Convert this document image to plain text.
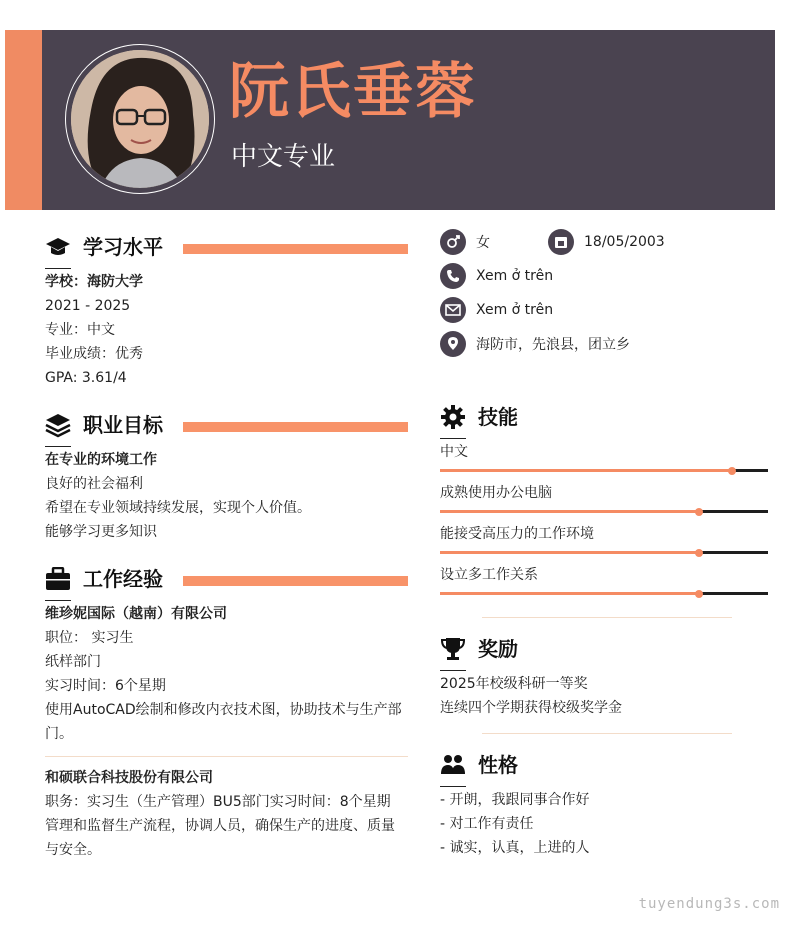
阮氏垂蓉
中文专业
学习水平
学校：海防大学
2021 - 2025
专业：中文
毕业成绩：优秀
GPA: 3.61/4
职业目标
在专业的环境工作
良好的社会福利
希望在专业领域持续发展，实现个人价值。
能够学习更多知识
工作经验
维珍妮国际（越南）有限公司
职位： 实习生
纸样部门
实习时间：6个星期
使用AutoCAD绘制和修改内衣技术图，协助技术与生产部
门。
和硕联合科技股份有限公司
职务：实习生（生产管理）BU5部门实习时间：8个星期
管理和监督生产流程，协调人员，确保生产的进度、质量
与安全。
女	18/05/2003
Xem ở trên
Xem ở trên
海防市，先浪县，团立乡
技能
中文
成熟使用办公电脑
能接受高压力的工作环境
设立多工作关系
奖励
2025年校级科研一等奖
连续四个学期获得校级奖学金
性格
- 开朗，我跟同事合作好
- 对工作有责任
- 诚实，认真，上进的人
tuyendung3s.com
